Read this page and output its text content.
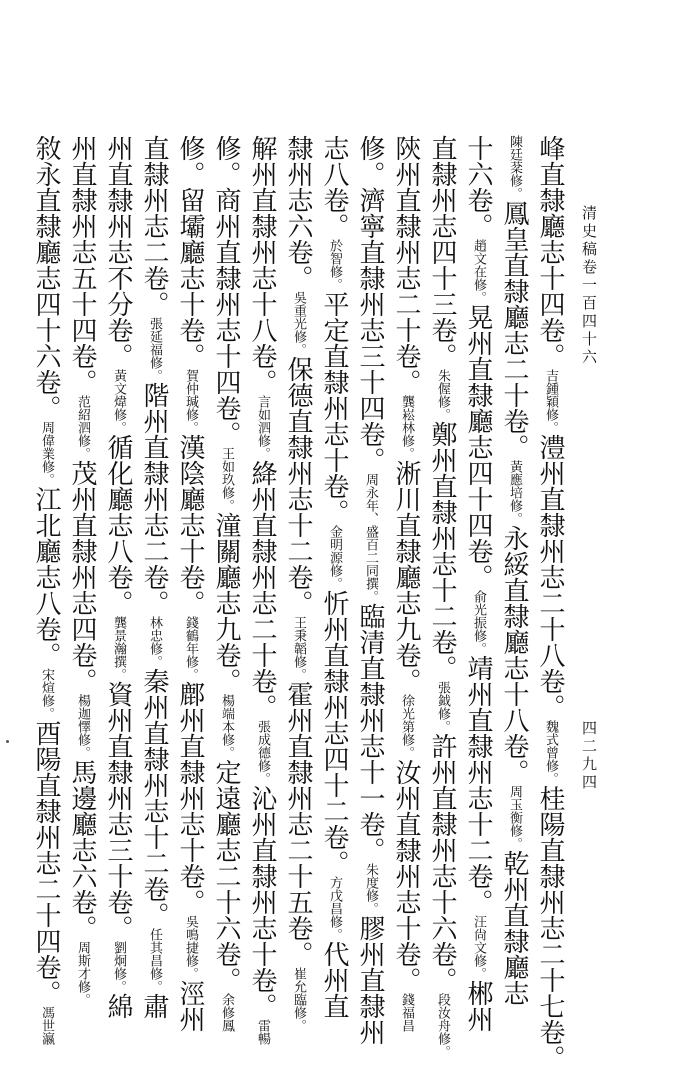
清史稿卷一百四十六
四二九四
峰直隸廳志十四卷。吉鍾穎修。澧州直隸州志二十八卷。魏式曾修。桂陽直隸州志二十七卷。
陳廷棻修。鳳皇直隸廳志二十卷。黃應培修。永綏直隸廳志十八卷。周玉衡修。乾州直隸廳志
十六卷。趙文在修。晃州直隸廳志四十四卷。俞光振修。靖州直隸州志十二卷。汪尙文修。郴州
直隸州志四十三卷。朱偓修。鄭州直隸州志十二卷。張鉞修。許州直隸州志十六卷。段汝舟修。
陝州直隸州志二十卷。龔崧林修。淅川直隸廳志九卷。徐光第修。汝州直隸州志十卷。錢福昌
修。濟寧直隸州志三十四卷。周永年、盛百二同撰。臨清直隸州志十一卷。朱度修。膠州直隸州
志八卷。於智修。平定直隸州志十卷。金明源修。忻州直隸州志四十二卷。方戊昌修。代州直
隸州志六卷。吳重光修。保德直隸州志十二卷。王秉韜修。霍州直隸州志二十五卷。崔允臨修。
解州直隸州志十八卷。言如泗修。絳州直隸州志二十卷。張成德修。沁州直隸州志十卷。雷暢
修。商州直隸州志十四卷。王如玖修。潼關廳志九卷。楊端本修。定遠廳志二十六卷。余修鳳
修。留壩廳志十卷。賀仲瑊修。漢陰廳志十卷。錢鶴年修。鄜州直隸州志十卷。吳鳴捷修。涇州
直隸州志二卷。張延福修。階州直隸州志二卷。林忠修。秦州直隸州志十二卷。任其昌修。肅
州直隸州志不分卷。黃文煒修。循化廳志八卷。龔景瀚撰。資州直隸州志三十卷。劉炯修。綿
州直隸州志五十四卷。范紹泗修。茂州直隸州志四卷。楊迦懌修。馬邊廳志六卷。周斯才修。
敘永直隸廳志四十六卷。周偉業修。江北廳志八卷。宋煊修。酉陽直隸州志二十四卷。馮世瀛
